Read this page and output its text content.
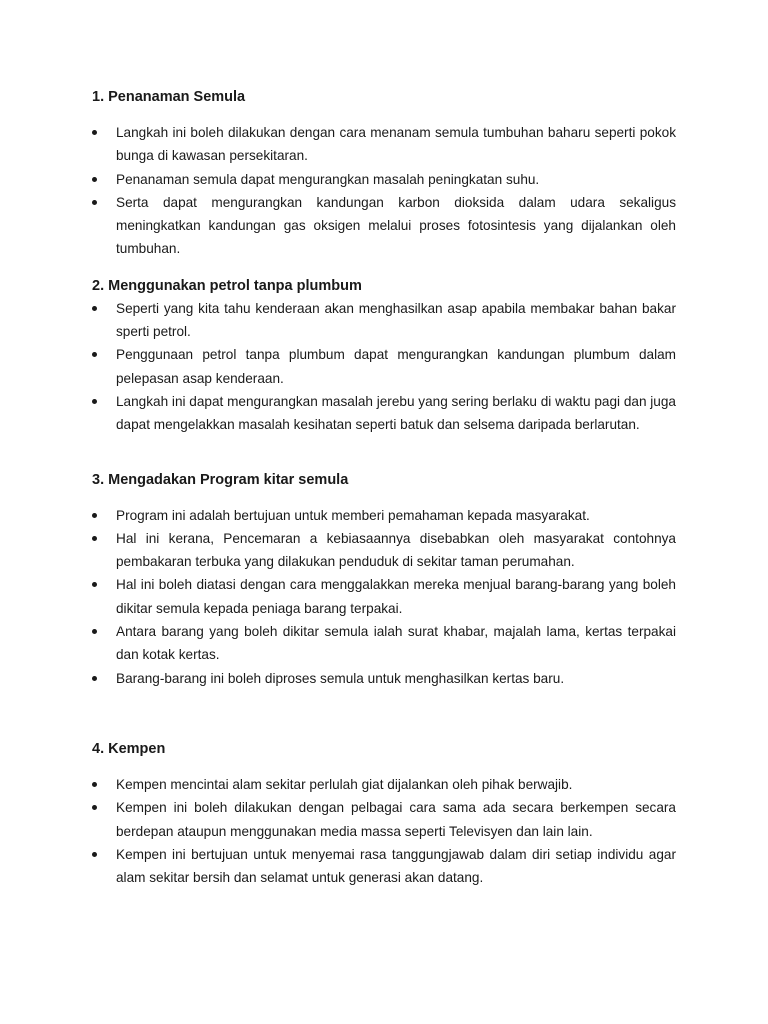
1. Penanaman Semula
Langkah ini boleh dilakukan dengan cara menanam semula tumbuhan baharu seperti pokok bunga di kawasan persekitaran.
Penanaman semula dapat mengurangkan masalah peningkatan suhu.
Serta dapat mengurangkan kandungan karbon dioksida dalam udara sekaligus meningkatkan kandungan gas oksigen melalui proses fotosintesis yang dijalankan oleh tumbuhan.
2. Menggunakan petrol tanpa plumbum
Seperti yang kita tahu kenderaan akan menghasilkan asap apabila membakar bahan bakar sperti petrol.
Penggunaan petrol tanpa plumbum dapat mengurangkan kandungan plumbum dalam pelepasan asap kenderaan.
Langkah ini dapat mengurangkan masalah jerebu yang sering berlaku di waktu pagi dan juga dapat mengelakkan masalah kesihatan seperti batuk dan selsema daripada berlarutan.
3. Mengadakan Program kitar semula
Program ini adalah bertujuan untuk memberi pemahaman kepada masyarakat.
Hal ini kerana, Pencemaran a kebiasaannya disebabkan oleh masyarakat contohnya pembakaran terbuka yang dilakukan penduduk di sekitar taman perumahan.
Hal ini boleh diatasi dengan cara menggalakkan mereka menjual barang-barang yang boleh dikitar semula kepada peniaga barang terpakai.
Antara barang yang boleh dikitar semula ialah surat khabar, majalah lama, kertas terpakai dan kotak kertas.
Barang-barang ini boleh diproses semula untuk menghasilkan kertas baru.
4. Kempen
Kempen mencintai alam sekitar perlulah giat dijalankan oleh pihak berwajib.
Kempen ini boleh dilakukan dengan pelbagai cara sama ada secara berkempen secara berdepan ataupun menggunakan media massa seperti Televisyen dan lain lain.
Kempen ini bertujuan untuk menyemai rasa tanggungjawab dalam diri setiap individu agar alam sekitar bersih dan selamat untuk generasi akan datang.
